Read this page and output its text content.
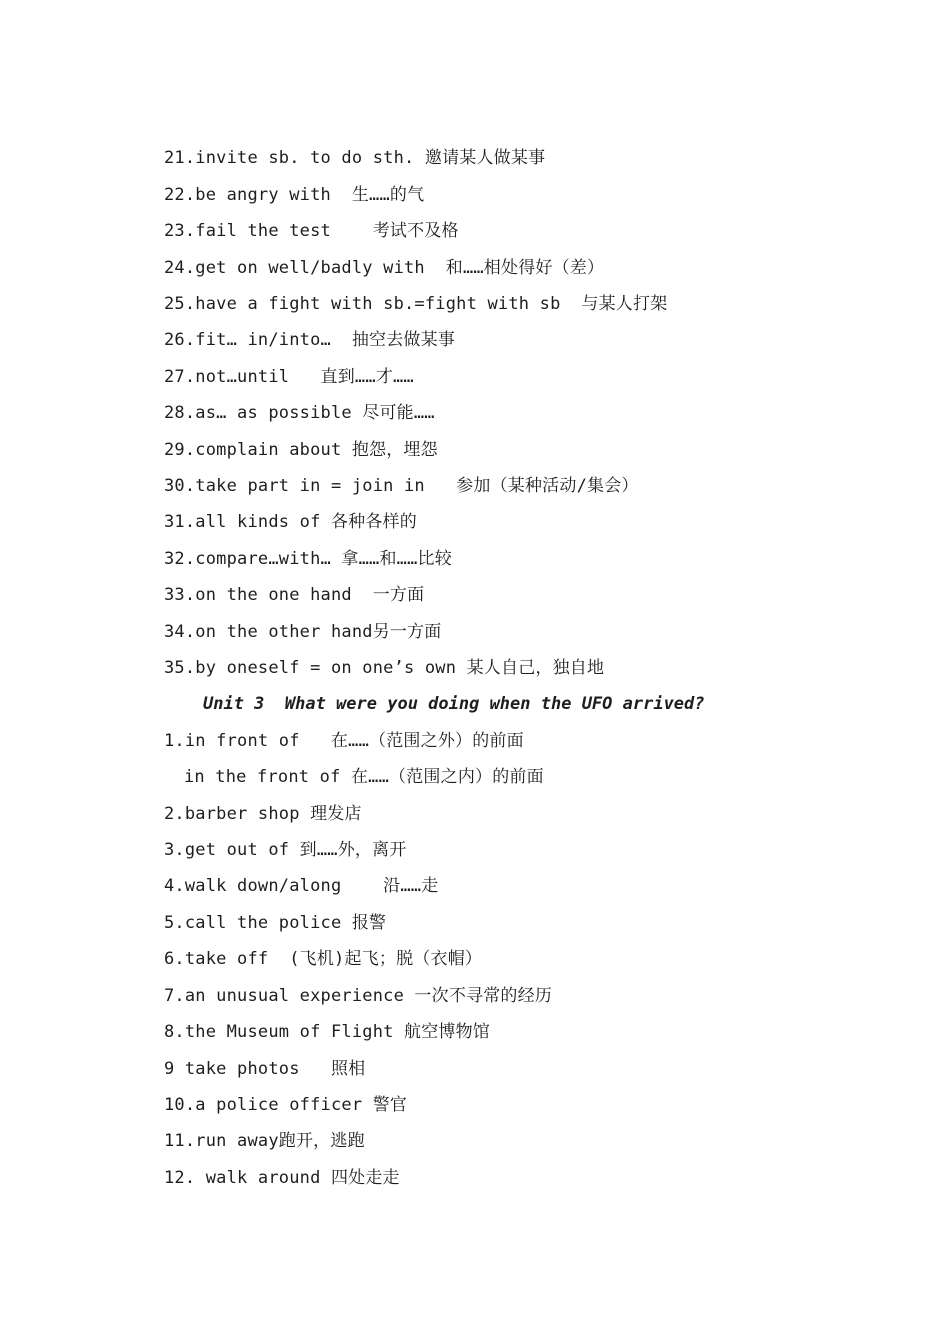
21.invite sb. to do sth. 邀请某人做某事
22.be angry with  生……的气
23.fail the test    考试不及格
24.get on well/badly with  和……相处得好（差）
25.have a fight with sb.=fight with sb  与某人打架
26.fit… in/into…  抽空去做某事
27.not…until   直到……才……
28.as… as possible 尽可能……
29.complain about 抱怨，埋怨
30.take part in = join in   参加（某种活动/集会）
31.all kinds of 各种各样的
32.compare…with… 拿……和……比较
33.on the one hand  一方面
34.on the other hand另一方面
35.by oneself = on one’s own 某人自己，独自地
Unit 3  What were you doing when the UFO arrived?
1.in front of   在……（范围之外）的前面
in the front of 在……（范围之内）的前面
2.barber shop 理发店
3.get out of 到……外，离开
4.walk down/along    沿……走
5.call the police 报警
6.take off  (飞机)起飞；脱（衣帽）
7.an unusual experience 一次不寻常的经历
8.the Museum of Flight 航空博物馆
9 take photos   照相
10.a police officer 警官
11.run away跑开，逃跑
12. walk around 四处走走
